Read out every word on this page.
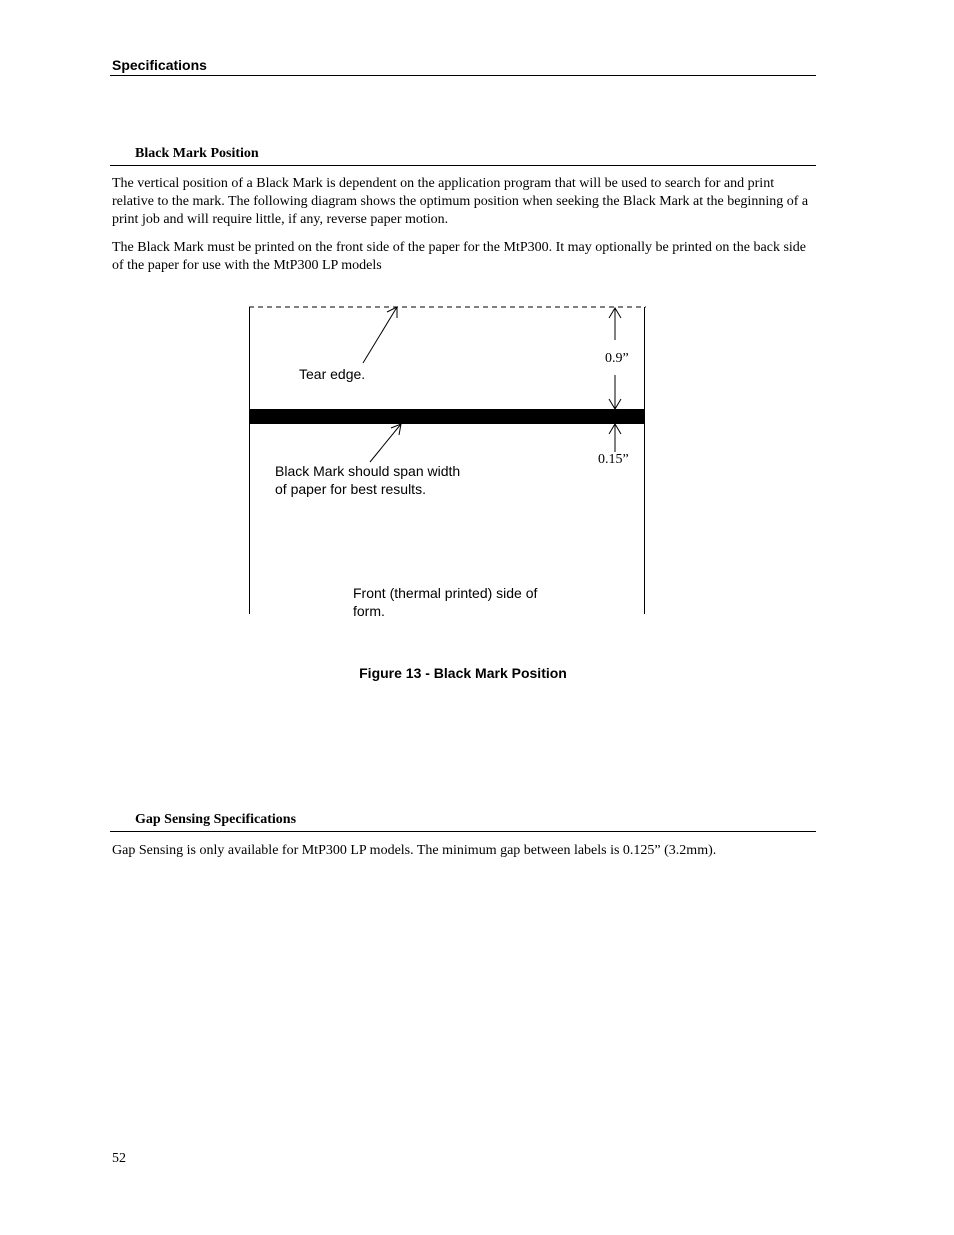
Specifications
Black Mark Position

The vertical position of a Black Mark is dependent on the application program that will be used to search for and print relative to the mark. The following diagram shows the optimum position when seeking the Black Mark at the beginning of a print job and will require little, if any, reverse paper motion.

The Black Mark must be printed on the front side of the paper for the MtP300. It may optionally be printed on the back side of the paper for use with the MtP300 LP models

Tear edge.
Black Mark should span width
of paper for best results.
Front (thermal printed) side of
form.
0.9”
0.15”
Figure 13 - Black Mark Position
Gap Sensing Specifications

Gap Sensing is only available for MtP300 LP models. The minimum gap between labels is 0.125” (3.2mm).

52
